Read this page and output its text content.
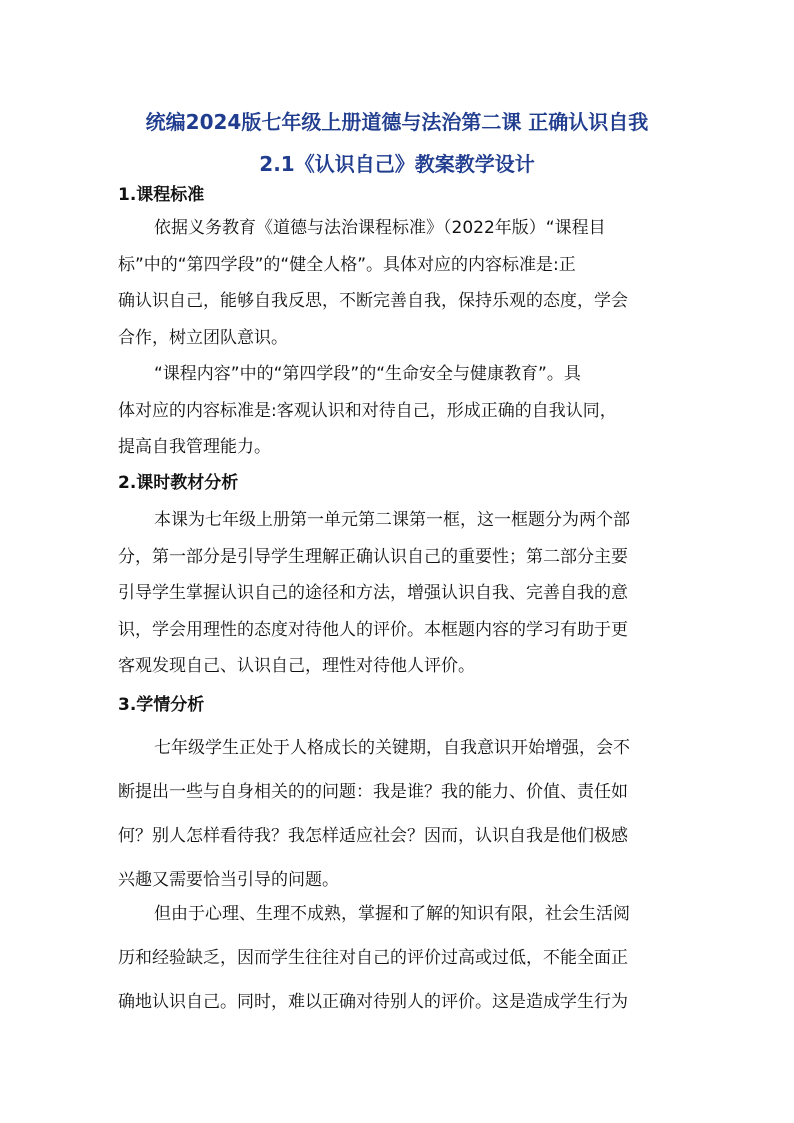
统编2024版七年级上册道德与法治第二课 正确认识自我
2.1《认识自己》教案教学设计
1.课程标准
依据义务教育《道德与法治课程标准》（2022年版）“课程目
标”中的“第四学段”的“健全人格”。具体对应的内容标准是:正
确认识自己，能够自我反思，不断完善自我，保持乐观的态度，学会
合作，树立团队意识。
“课程内容”中的“第四学段”的“生命安全与健康教育”。具
体对应的内容标准是:客观认识和对待自己，形成正确的自我认同，
提高自我管理能力。
2.课时教材分析
本课为七年级上册第一单元第二课第一框，这一框题分为两个部
分，第一部分是引导学生理解正确认识自己的重要性；第二部分主要
引导学生掌握认识自己的途径和方法，增强认识自我、完善自我的意
识，学会用理性的态度对待他人的评价。本框题内容的学习有助于更
客观发现自己、认识自己，理性对待他人评价。
3.学情分析
七年级学生正处于人格成长的关键期，自我意识开始增强，会不
断提出一些与自身相关的的问题：我是谁？我的能力、价值、责任如
何？别人怎样看待我？我怎样适应社会？因而，认识自我是他们极感
兴趣又需要恰当引导的问题。
但由于心理、生理不成熟，掌握和了解的知识有限，社会生活阅
历和经验缺乏，因而学生往往对自己的评价过高或过低，不能全面正
确地认识自己。同时，难以正确对待别人的评价。这是造成学生行为
